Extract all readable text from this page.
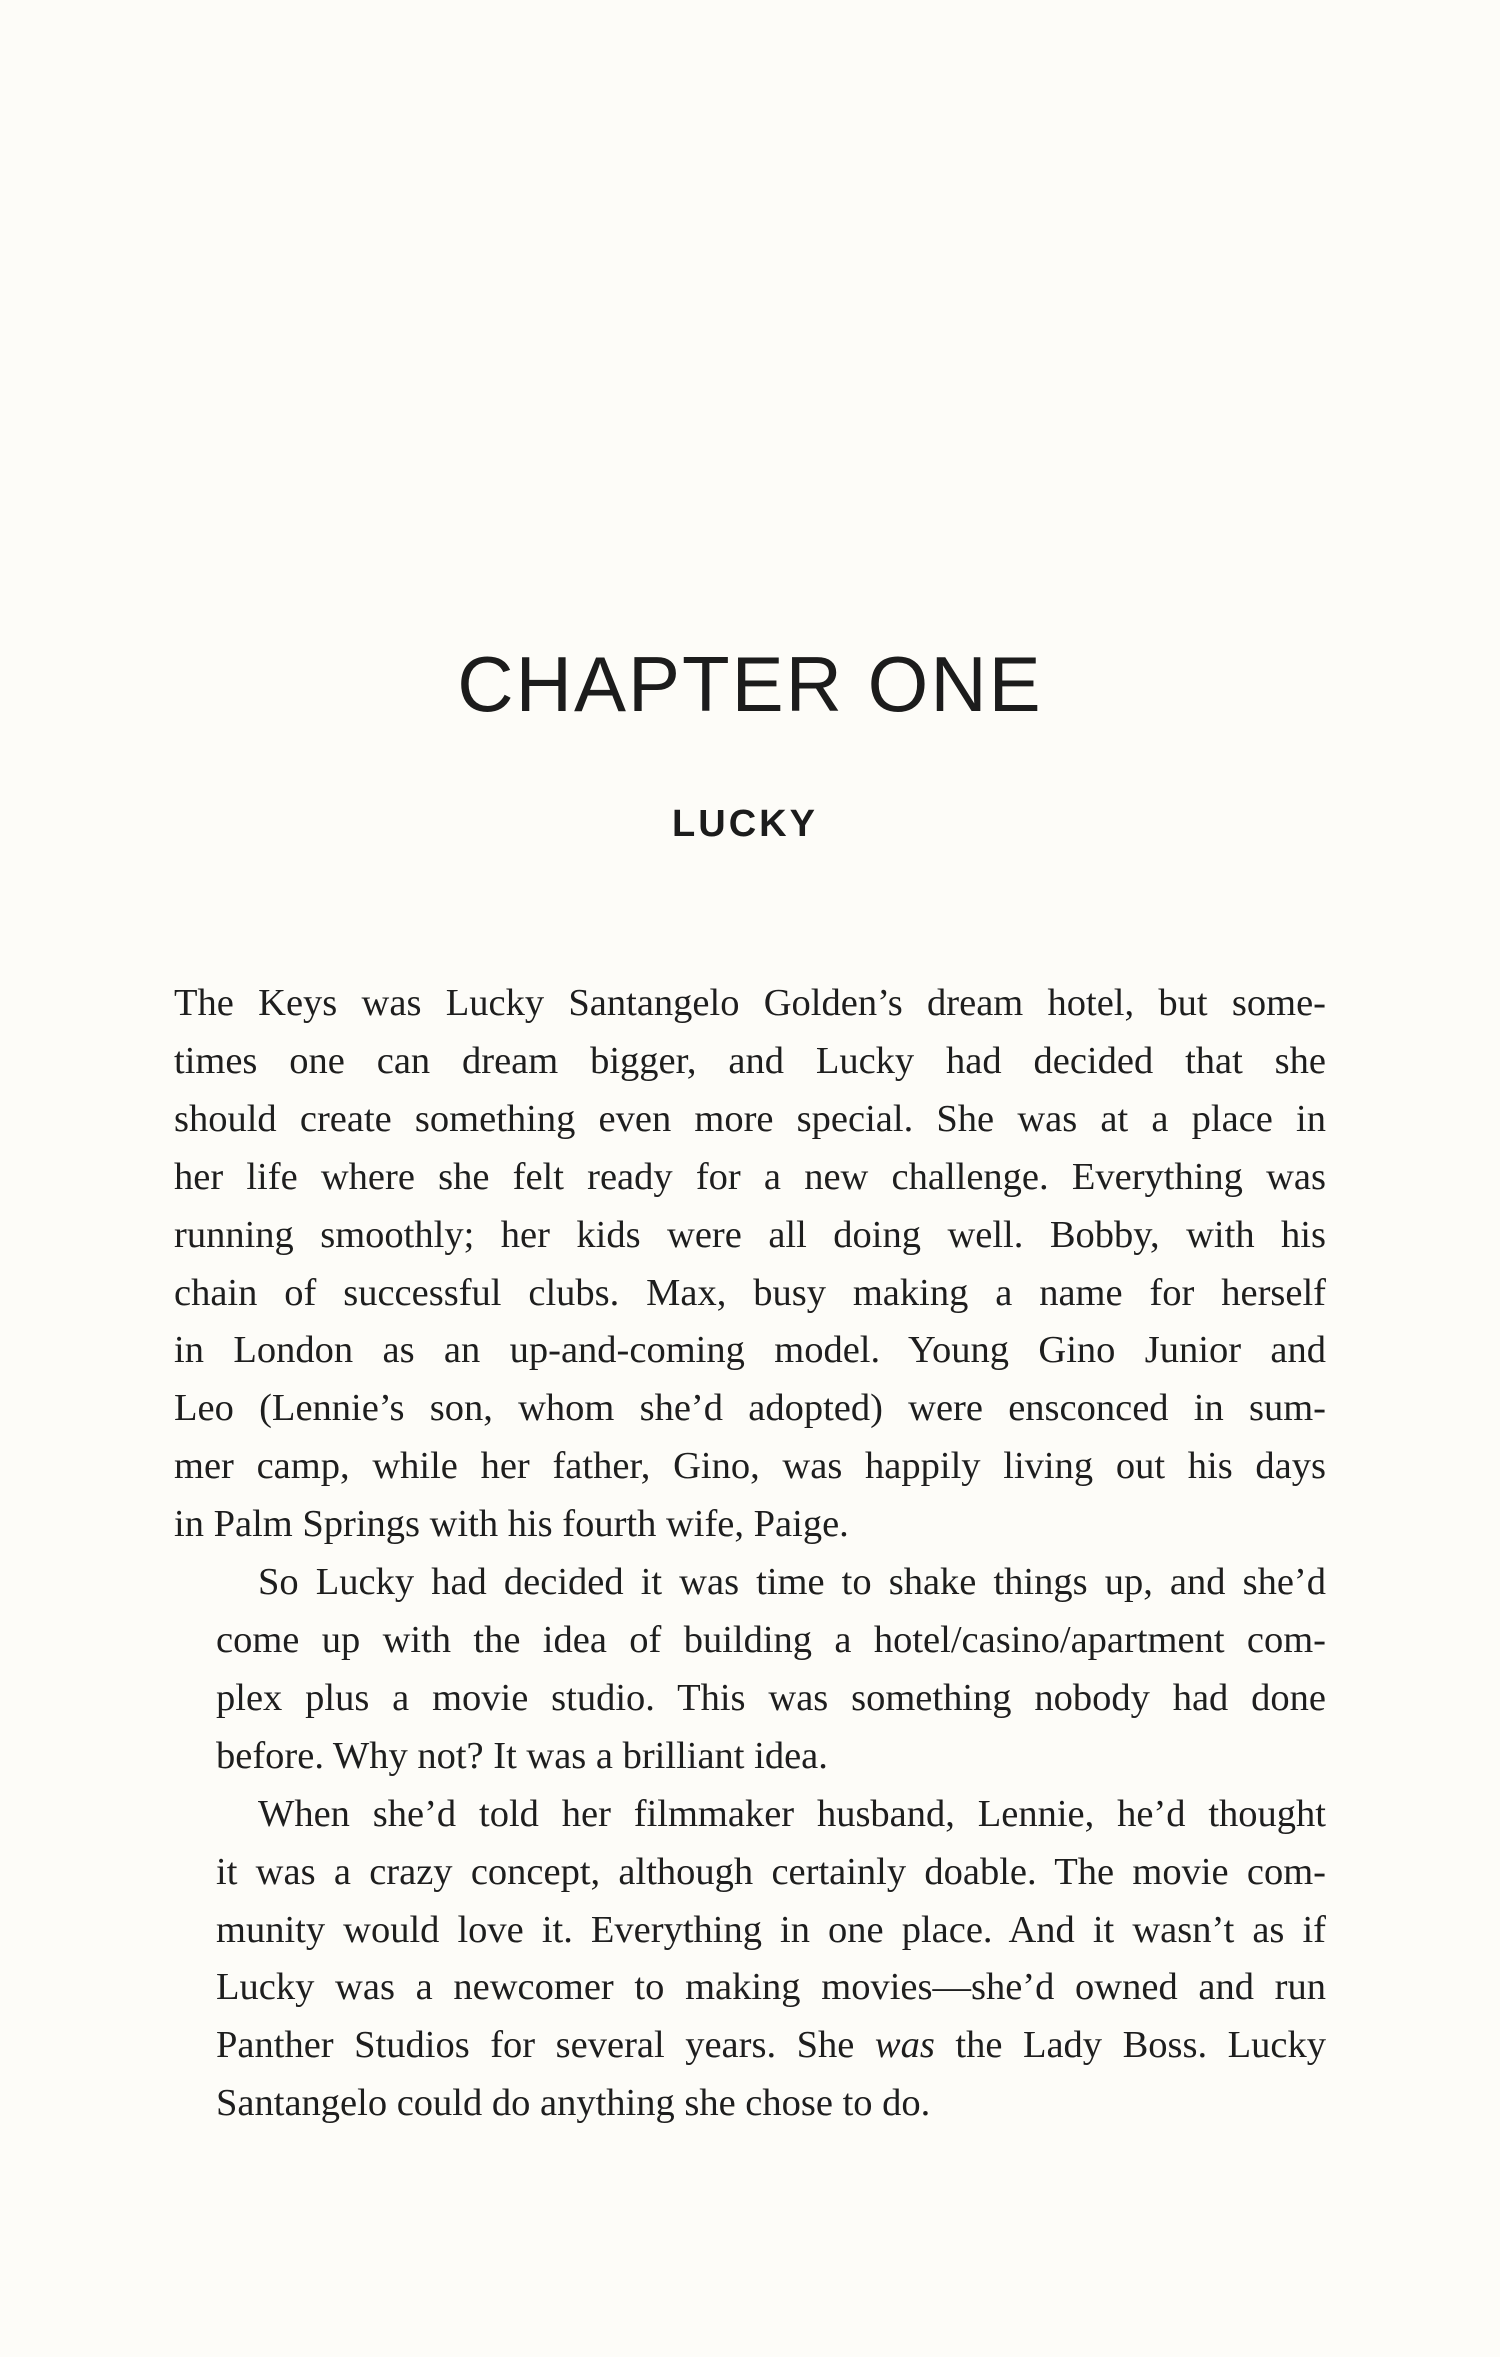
CHAPTER ONE
LUCKY

The Keys was Lucky Santangelo Golden’s dream hotel, but some-
times one can dream bigger, and Lucky had decided that she
should create something even more special. She was at a place in
her life where she felt ready for a new challenge. Everything was
running smoothly; her kids were all doing well. Bobby, with his
chain of successful clubs. Max, busy making a name for herself
in London as an up-and-coming model. Young Gino Junior and
Leo (Lennie’s son, whom she’d adopted) were ensconced in sum-
mer camp, while her father, Gino, was happily living out his days
in Palm Springs with his fourth wife, Paige.

So Lucky had decided it was time to shake things up, and she’d
come up with the idea of building a hotel/casino/apartment com-
plex plus a movie studio. This was something nobody had done
before. Why not? It was a brilliant idea.

When she’d told her filmmaker husband, Lennie, he’d thought
it was a crazy concept, although certainly doable. The movie com-
munity would love it. Everything in one place. And it wasn’t as if
Lucky was a newcomer to making movies—she’d owned and run
Panther Studios for several years. She was the Lady Boss. Lucky
Santangelo could do anything she chose to do.
